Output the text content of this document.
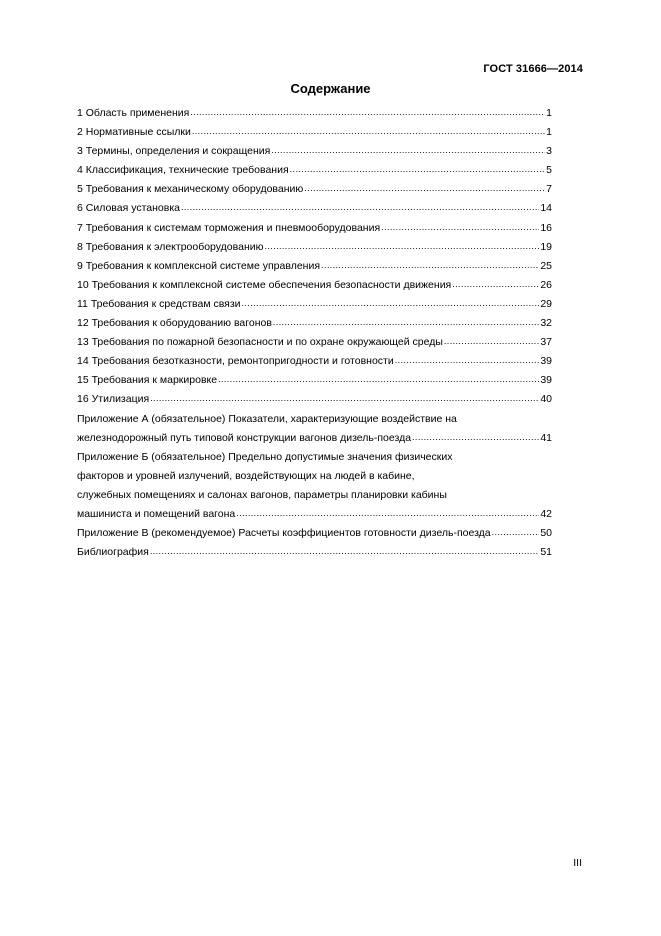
ГОСТ 31666—2014
Содержание
1 Область применения .....	1
2 Нормативные ссылки .....	1
3 Термины, определения и сокращения .....	3
4 Классификация, технические требования .....	5
5 Требования к механическому оборудованию .....	7
6 Силовая установка .....	14
7 Требования к системам торможения и пневмооборудования .....	16
8 Требования к электрооборудованию .....	19
9 Требования к комплексной системе управления .....	25
10 Требования к комплексной системе обеспечения безопасности движения .....	26
11 Требования к средствам связи .....	29
12 Требования к оборудованию вагонов .....	32
13 Требования по пожарной безопасности и по охране окружающей среды .....	37
14 Требования безотказности, ремонтопригодности и готовности .....	39
15 Требования к маркировке .....	39
16 Утилизация .....	40
Приложение А (обязательное) Показатели, характеризующие воздействие на
железнодорожный путь типовой конструкции вагонов дизель-поезда .....	41
Приложение Б (обязательное) Предельно допустимые значения физических
факторов и уровней излучений, воздействующих на людей в кабине,
служебных помещениях и салонах вагонов, параметры планировки кабины
машиниста и помещений вагона .....	42
Приложение В (рекомендуемое) Расчеты коэффициентов готовности дизель-поезда .....	50
Библиография .....	51
III
